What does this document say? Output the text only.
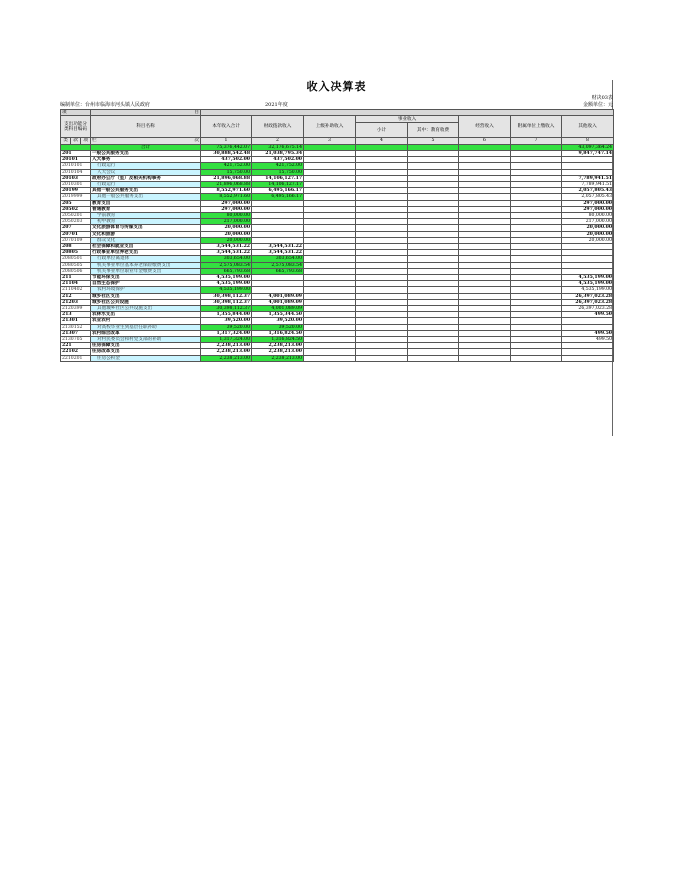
收入决算表
财决03表
编制单位：台州市临海市河头镇人民政府	2021年度	金额单位：元
项			目								
支出功能分类科目编码			科目名称	本年收入合计	财政拨款收入	上级补助收入	事业收入		经营收入	附属单位上缴收入	其他收入
							小计	其中：教育收费			
类	款	项	栏 次	1	2	3	4	5	6	7	8
			合计	75,376,442.07	32,176,675.14						43,097,364.24
201			一般公共服务支出	30,888,542.48	21,038,795.34						9,847,747.14
20101			人大事务	437,502.00	437,502.00						
2010101			行政运行	421,752.00	421,752.00						
2010104			人大会议	15,750.00	15,750.00						
20103			政府办公厅（室）及相关机构事务	21,896,068.88	14,106,127.17						7,789,941.51
2010301			行政运行	21,896,068.88	14,106,127.17						7,789,941.51
20199			其他一般公共服务支出	8,552,971.60	6,495,166.17						2,057,805.43
2019999			其他一般公共服务支出	8,552,971.60	6,495,166.17						2,057,805.43
205			教育支出	297,000.00							297,000.00
20502			普通教育	297,000.00							297,000.00
2050201			学前教育	80,000.00							80,000.00
2050203			初中教育	217,000.00							217,000.00
207			文化旅游体育与传媒支出	20,000.00							20,000.00
20701			文化和旅游	20,000.00							20,000.00
2070109			群众文化	20,000.00							20,000.00
208			社会保障和就业支出	3,544,531.22	3,544,531.22						
20805			行政事业单位养老支出	3,544,531.22	3,544,531.22						
2080501			行政单位离退休	303,654.00	303,654.00						
2080505			机关事业单位基本养老保险缴费支出	2,575,083.54	2,575,083.54						
2080506			机关事业单位职业年金缴费支出	665,793.68	665,793.68						
211			节能环保支出	4,535,199.00							4,535,199.00
21104			自然生态保护	4,535,199.00							4,535,199.00
2110402			农村环境保护	4,535,199.00							4,535,199.00
212			城乡社区支出	30,398,112.37	4,001,089.09						26,397,023.28
21203			城乡社区公共设施	30,398,112.37	4,001,089.09						26,397,023.28
2120399			其他城乡社区公共设施支出	30,398,112.37	4,001,089.09						26,397,023.28
213			农林水支出	1,355,844.00	1,355,344.50						499.50
21301			农业农村	39,520.00	39,520.00						
2130152			对高校毕业生到基层任职补助	39,520.00	39,520.00						
21307			农村综合改革	1,317,324.00	1,316,824.50						499.50
2130705			对村民委员会和村党支部的补助	1,317,324.00	1,316,824.50						499.50
221			住房保障支出	2,238,213.00	2,238,213.00						
22102			住房改革支出	2,238,213.00	2,238,213.00						
2210201			住房公积金	2,238,213.00	2,238,213.00						
